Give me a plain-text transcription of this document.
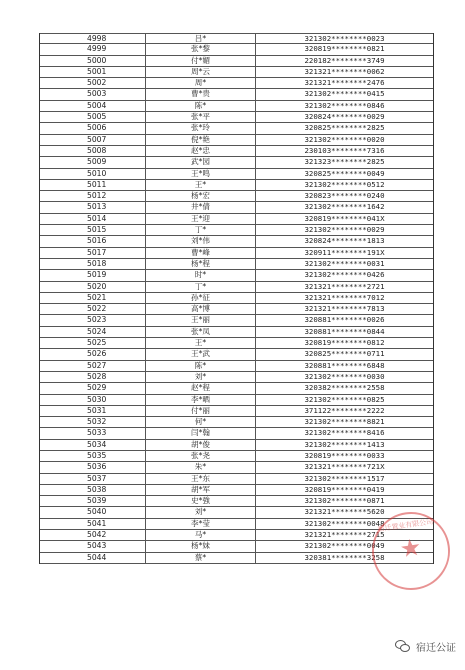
4998	吕*	321302********0023
4999	张*黎	320819********0821
5000	付*媚	220182********3749
5001	周*云	321321********0062
5002	周*	321321********2476
5003	曹*贵	321302********0415
5004	陈*	321302********0846
5005	张*平	320824********0029
5006	张*玲	320825********2825
5007	倪*艳	321302********0020
5008	赵*忠	230103********7316
5009	武*园	321323********2825
5010	王*鸣	320825********0049
5011	王*	321302********0512
5012	杨*宏	320823********0240
5013	井*倩	321302********1642
5014	王*迎	320819********041X
5015	丁*	321302********0029
5016	刘*伟	320824********1813
5017	曹*峰	320911********191X
5018	杨*程	321302********0031
5019	时*	321302********0426
5020	丁*	321321********2721
5021	孙*征	321321********7012
5022	高*博	321321********7813
5023	王*丽	320881********0026
5024	张*凤	320881********0844
5025	王*	320819********0812
5026	王*武	320825********0711
5027	陈*	320881********6848
5028	刘*	321302********0030
5029	赵*程	320382********2558
5030	李*晒	321302********0825
5031	付*丽	371122********2222
5032	何*	321302********8821
5033	闫*翰	321302********8416
5034	胡*俊	321302********1413
5035	张*尧	320819********0033
5036	朱*	321321********721X
5037	王*东	321302********1517
5038	胡*军	320819********0419
5039	史*強	321302********0871
5040	刘*	321321********5620
5041	李*莹	321302********0048
5042	马*	321321********2715
5043	杨*妹	321302********0049
5044	蔡*	320381********3258
宿迁置业有限公司
★
宿迁公证
